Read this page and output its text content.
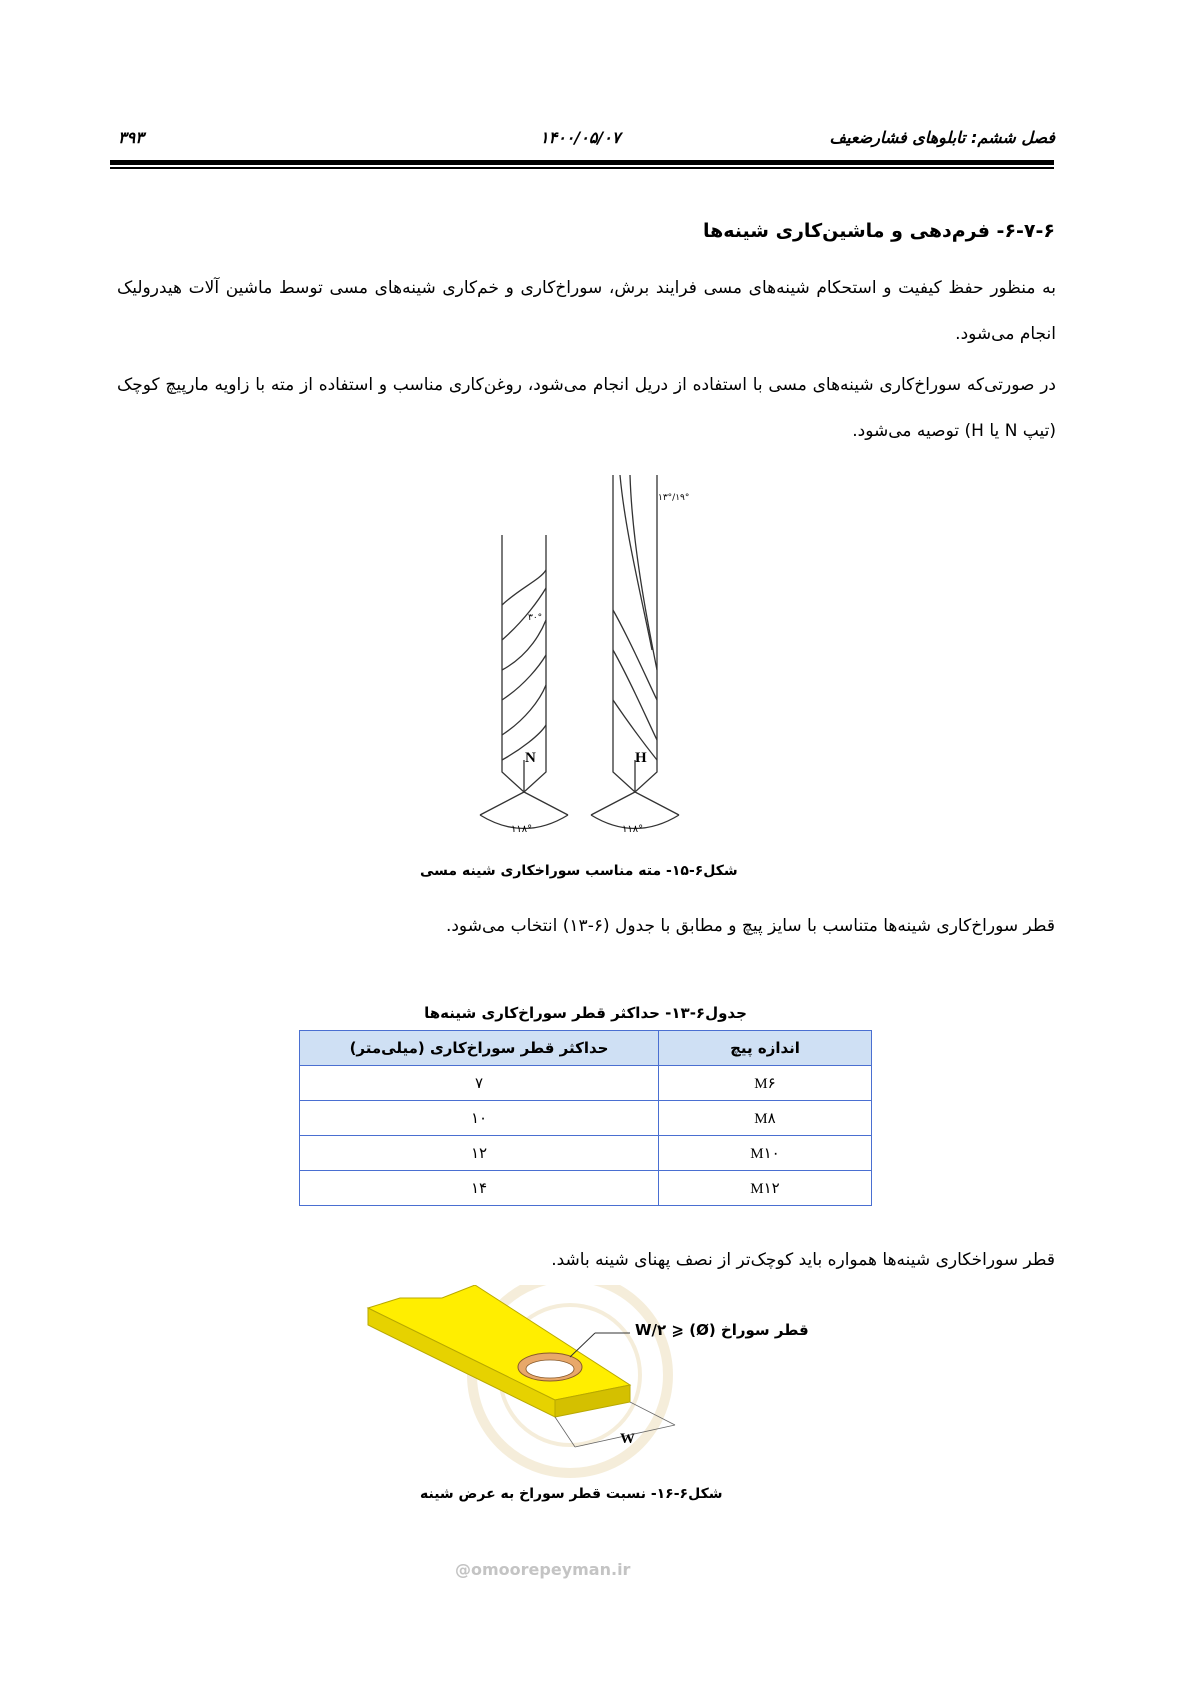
۳۹۳	۱۴۰۰/۰۵/۰۷	فصل ششم: تابلوهای فشارضعیف
۶-۷-۶- فرم‌دهی و ماشین‌کاری شینه‌ها
به منظور حفظ کیفیت و استحکام شینه‌های مسی فرایند برش، سوراخ‌کاری و خم‌کاری شینه‌های مسی توسط ماشین آلات هیدرولیک انجام می‌شود.
در صورتی‌که سوراخ‌کاری شینه‌های مسی با استفاده از دریل انجام می‌شود، روغن‌کاری مناسب و استفاده از مته با زاویه مارپیچ کوچک (تیپ N یا H) توصیه می‌شود.
N	H
۱۱۸°	۱۱۸°
۳۰°
۱۳°/۱۹°
شکل۶-۱۵- مته مناسب سوراخکاری شینه مسی
قطر سوراخ‌کاری شینه‌ها متناسب با سایز پیچ و مطابق با جدول (۶-۱۳) انتخاب می‌شود.
جدول۶-۱۳- حداکثر قطر سوراخ‌کاری شینه‌ها
اندازه پیچ	حداکثر قطر سوراخ‌کاری (میلی‌متر)
M۶	۷
M۸	۱۰
M۱۰	۱۲
M۱۲	۱۴
قطر سوراخکاری شینه‌ها همواره باید کوچک‌تر از نصف پهنای شینه باشد.
W
قطر سوراخ (Ø) ⩽ W/۲
شکل۶-۱۶- نسبت قطر سوراخ به عرض شینه
@omoorepeyman.ir
